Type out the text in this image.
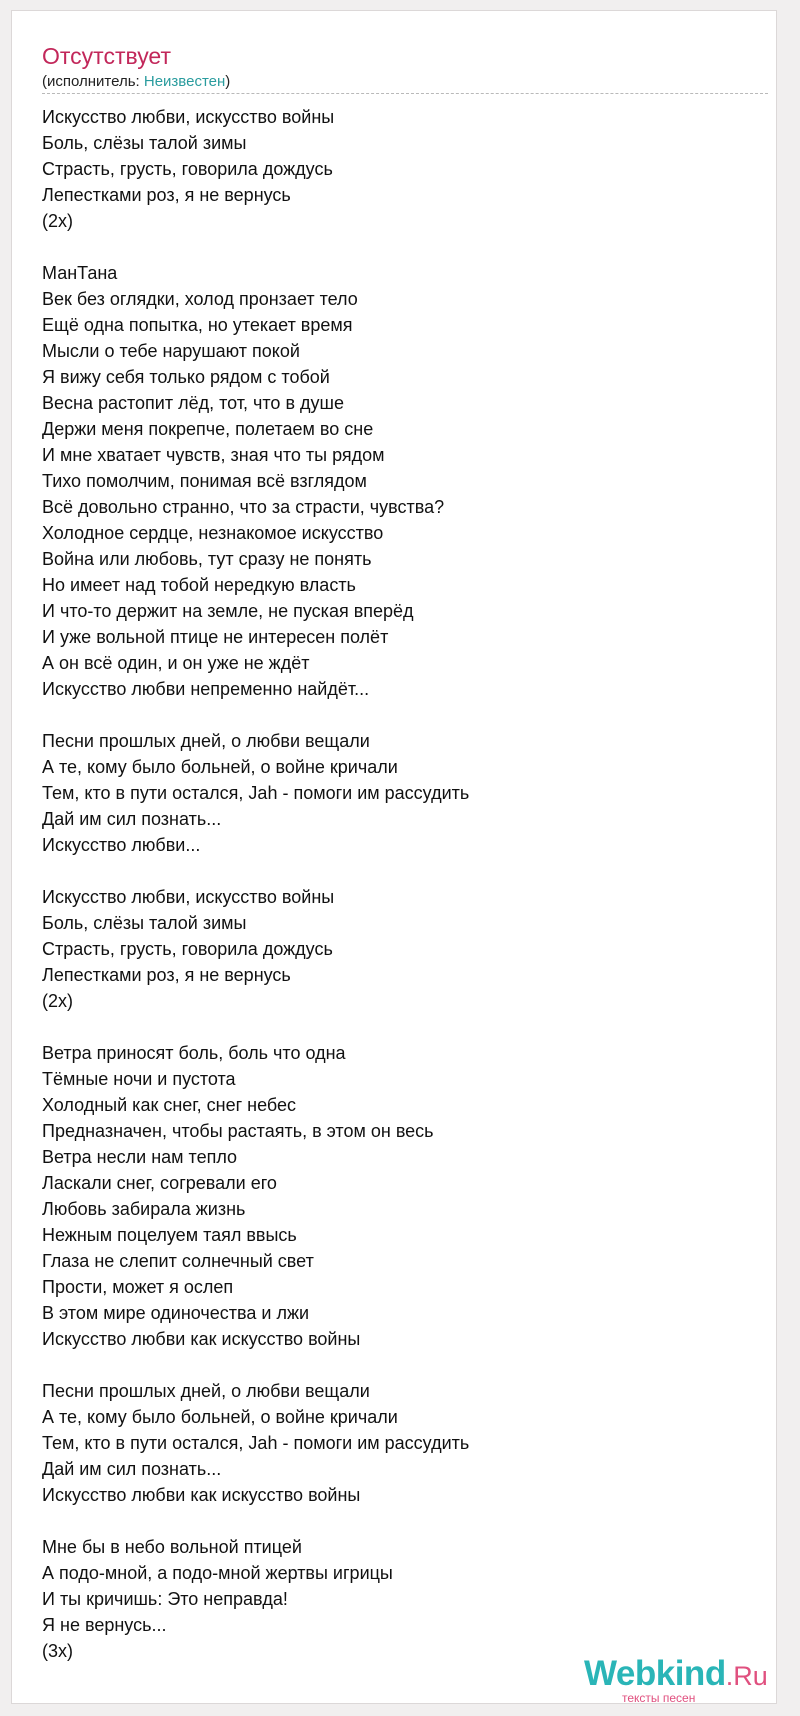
Отсутствует
(исполнитель: Неизвестен)
Искусство любви, искусство войны
Боль, слёзы талой зимы
Страсть, грусть, говорила дождусь
Лепестками роз, я не вернусь
(2x)
МанТана
Век без оглядки, холод пронзает тело
Ещё одна попытка, но утекает время
Мысли о тебе нарушают покой
Я вижу себя только рядом с тобой
Весна растопит лёд, тот, что в душе
Держи меня покрепче, полетаем во сне
И мне хватает чувств, зная что ты рядом
Тихо помолчим, понимая всё взглядом
Всё довольно странно, что за страсти, чувства?
Холодное сердце, незнакомое искусство
Война или любовь, тут сразу не понять
Но имеет над тобой нередкую власть
И что-то держит на земле, не пуская вперёд
И уже вольной птице не интересен полёт
А он всё один, и он уже не ждёт
Искусство любви непременно найдёт...
Песни прошлых дней, о любви вещали
А те, кому было больней, о войне кричали
Тем, кто в пути остался, Jah - помоги им рассудить
Дай им сил познать...
Искусство любви...
Искусство любви, искусство войны
Боль, слёзы талой зимы
Страсть, грусть, говорила дождусь
Лепестками роз, я не вернусь
(2x)
Ветра приносят боль, боль что одна
Тёмные ночи и пустота
Холодный как снег, снег небес
Предназначен, чтобы растаять, в этом он весь
Ветра несли нам тепло
Ласкали снег, согревали его
Любовь забирала жизнь
Нежным поцелуем таял ввысь
Глаза не слепит солнечный свет
Прости, может я ослеп
В этом мире одиночества и лжи
Искусство любви как искусство войны
Песни прошлых дней, о любви вещали
А те, кому было больней, о войне кричали
Тем, кто в пути остался, Jah - помоги им рассудить
Дай им сил познать...
Искусство любви как искусство войны
Мне бы в небо вольной птицей
А подо-мной, а подо-мной жертвы игрицы
И ты кричишь: Это неправда!
Я не вернусь...
(3x)
Webkind.Ru
тексты песен
